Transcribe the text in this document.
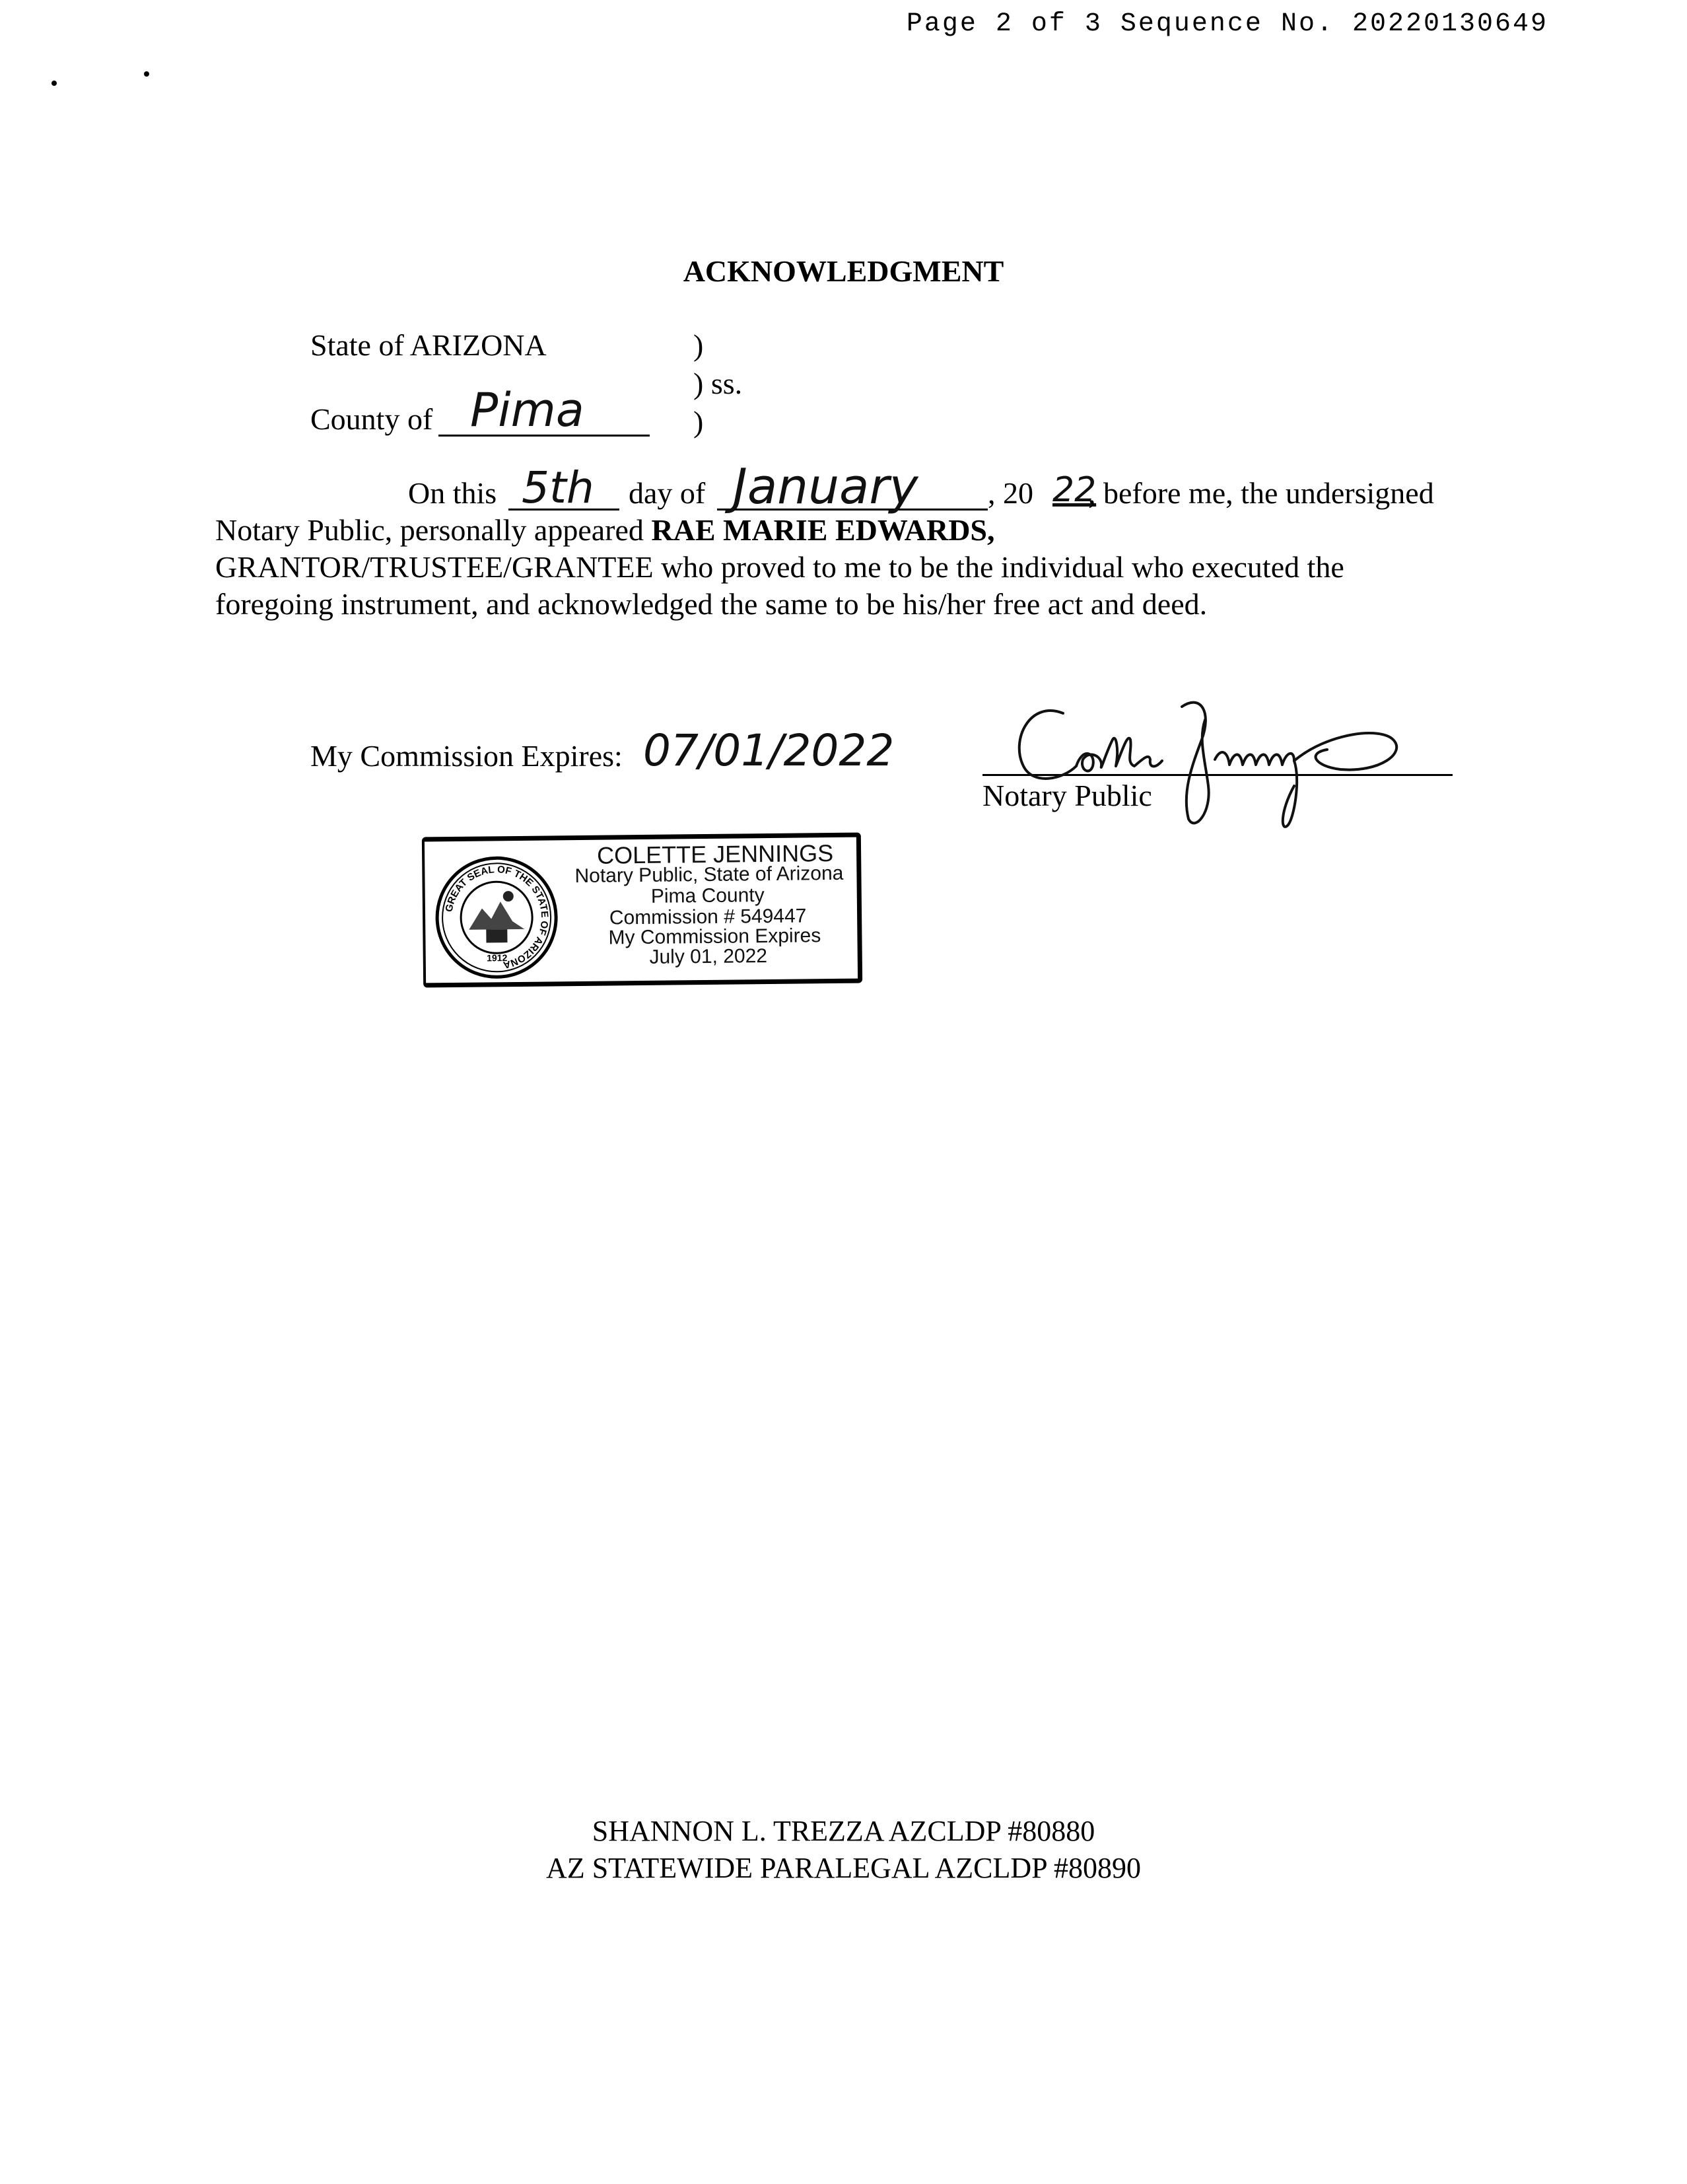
Page 2 of 3 Sequence No. 20220130649
ACKNOWLEDGMENT
State of ARIZONA
County of Pima
)
) ss.
)
On this 5th day of January , 20 22
, before me, the undersigned
Notary Public, personally appeared RAE MARIE EDWARDS,
GRANTOR/TRUSTEE/GRANTEE who proved to me to be the individual who executed the
foregoing instrument, and acknowledged the same to be his/her free act and deed.
My Commission Expires: 07/01/2022
Notary Public
GREAT SEAL OF THE STATE OF ARIZONA
1912
COLETTE JENNINGS
Notary Public, State of Arizona
Pima County
Commission # 549447
My Commission Expires
July 01, 2022
SHANNON L. TREZZA AZCLDP #80880
AZ STATEWIDE PARALEGAL AZCLDP #80890
